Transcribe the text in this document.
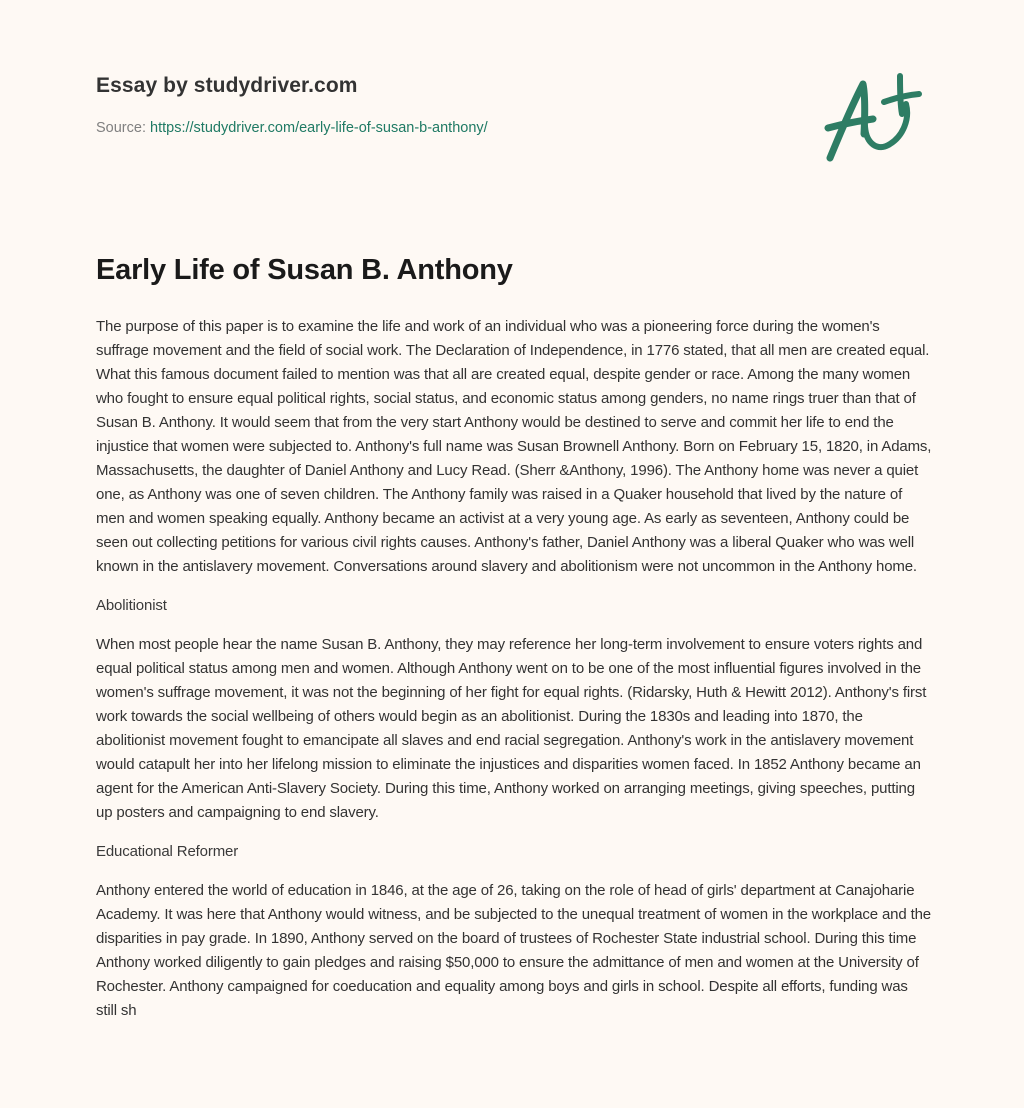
Essay by studydriver.com
Source: https://studydriver.com/early-life-of-susan-b-anthony/
Early Life of Susan B. Anthony

The purpose of this paper is to examine the life and work of an individual who was a pioneering force during the women's suffrage movement and the field of social work. The Declaration of Independence, in 1776 stated, that all men are created equal. What this famous document failed to mention was that all are created equal, despite gender or race. Among the many women who fought to ensure equal political rights, social status, and economic status among genders, no name rings truer than that of Susan B. Anthony. It would seem that from the very start Anthony would be destined to serve and commit her life to end the injustice that women were subjected to. Anthony's full name was Susan Brownell Anthony. Born on February 15, 1820, in Adams, Massachusetts, the daughter of Daniel Anthony and Lucy Read. (Sherr &Anthony, 1996). The Anthony home was never a quiet one, as Anthony was one of seven children. The Anthony family was raised in a Quaker household that lived by the nature of men and women speaking equally. Anthony became an activist at a very young age. As early as seventeen, Anthony could be seen out collecting petitions for various civil rights causes. Anthony's father, Daniel Anthony was a liberal Quaker who was well known in the antislavery movement. Conversations around slavery and abolitionism were not uncommon in the Anthony home.

Abolitionist

When most people hear the name Susan B. Anthony, they may reference her long-term involvement to ensure voters rights and equal political status among men and women. Although Anthony went on to be one of the most influential figures involved in the women's suffrage movement, it was not the beginning of her fight for equal rights. (Ridarsky, Huth & Hewitt 2012). Anthony's first work towards the social wellbeing of others would begin as an abolitionist. During the 1830s and leading into 1870, the abolitionist movement fought to emancipate all slaves and end racial segregation. Anthony's work in the antislavery movement would catapult her into her lifelong mission to eliminate the injustices and disparities women faced. In 1852 Anthony became an agent for the American Anti-Slavery Society. During this time, Anthony worked on arranging meetings, giving speeches, putting up posters and campaigning to end slavery.

Educational Reformer

Anthony entered the world of education in 1846, at the age of 26, taking on the role of head of girls' department at Canajoharie Academy. It was here that Anthony would witness, and be subjected to the unequal treatment of women in the workplace and the disparities in pay grade. In 1890, Anthony served on the board of trustees of Rochester State industrial school. During this time Anthony worked diligently to gain pledges and raising $50,000 to ensure the admittance of men and women at the University of Rochester. Anthony campaigned for coeducation and equality among boys and girls in school. Despite all efforts, funding was still sh
